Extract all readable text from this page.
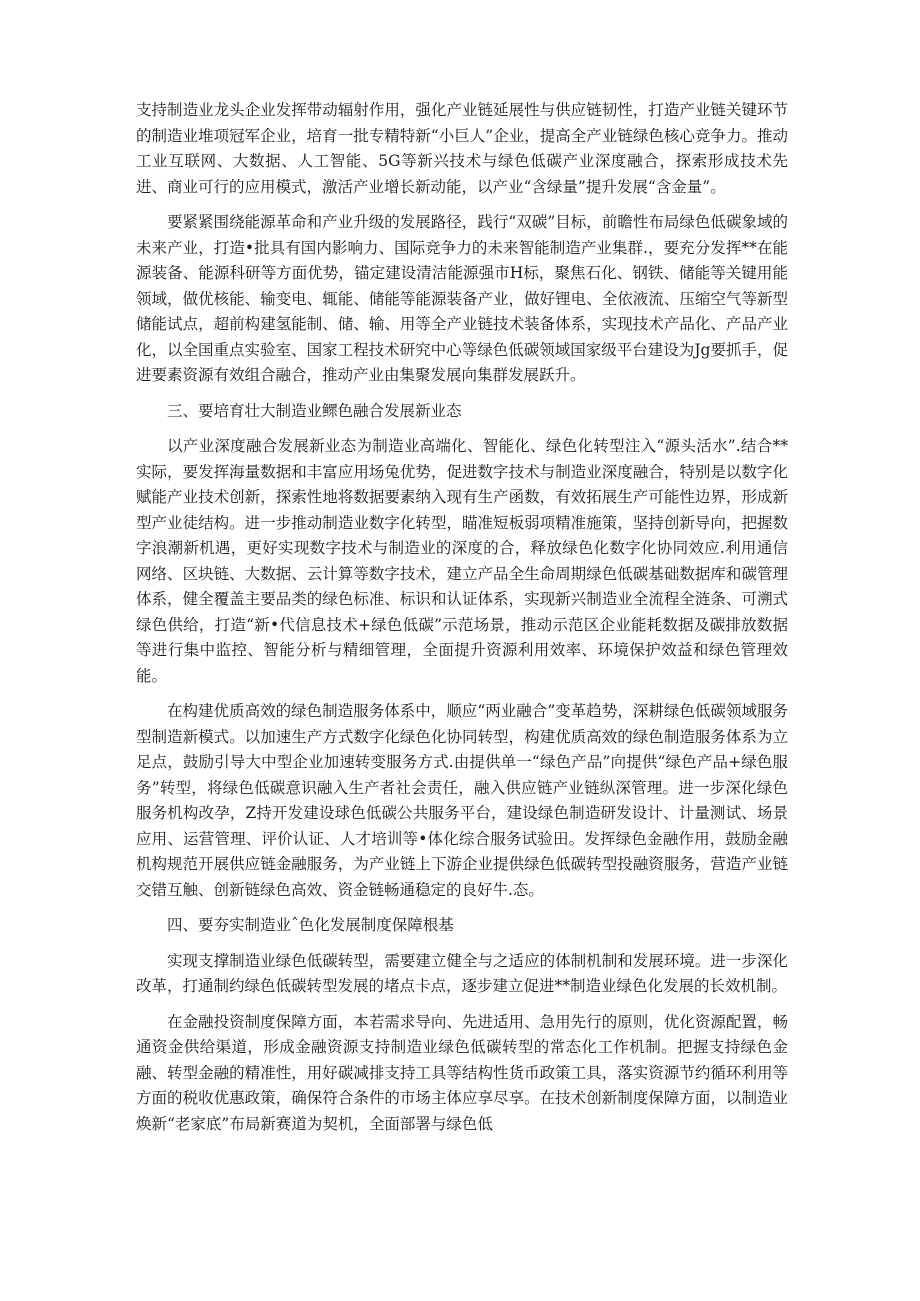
支持制造业龙头企业发挥带动辐射作用，强化产业链延展性与供应链韧性，打造产业链关键环节的制造业堆项冠军企业，培育一批专精特新“小巨人”企业，提高全产业链绿色核心竞争力。推动工业互联网、大数据、人工智能、5G等新兴技术与绿色低碳产业深度融合，探索形成技术先进、商业可行的应用模式，激活产业增长新动能，以产业“含绿量”提升发展“含金量”。

要紧紧围绕能源革命和产业升级的发展路径，践行“双碳”目标，前瞻性布局绿色低碳象域的未来产业，打造•批具有国内影响力、国际竞争力的未来智能制造产业集群.，要充分发挥**在能源装备、能源科研等方面优势，锚定建设清洁能源强市H标，聚焦石化、钢铁、储能等关键用能领域，做优核能、输变电、辄能、储能等能源装备产业，做好锂电、全依液流、压缩空气等新型储能试点，超前构建氢能制、储、输、用等全产业链技术装备体系，实现技术产品化、产品产业化，以全国重点实验室、国家工程技术研究中心等绿色低碳领域国家级平台建设为Jg要抓手，促进要素资源有效组合融合，推动产业由集聚发展向集群发展跃升。

三、要培育壮大制造业鳏色融合发展新业态

以产业深度融合发展新业态为制造业高端化、智能化、绿色化转型注入“源头活水”.结合**实际，要发挥海量数据和丰富应用场兔优势，促进数字技术与制造业深度融合，特别是以数字化赋能产业技术创新，探索性地将数据要素纳入现有生产函数，有效拓展生产可能性边界，形成新型产业徒结构。进一步推动制造业数字化转型，瞄准短板弱项精准施策，坚持创新导向，把握数字浪潮新机遇，更好实现数字技术与制造业的深度的合，释放绿色化数字化协同效应.利用通信网络、区块链、大数据、云计算等数字技术，建立产品全生命周期绿色低碳基础数据库和碳管理体系，健全覆盖主要品类的绿色标准、标识和认证体系，实现新兴制造业全流程全涟条、可溯式绿色供给，打造“新•代信息技术+绿色低碳”示范场景，推动示范区企业能耗数据及碳排放数据等进行集中监控、智能分析与精细管理，全面提升资源利用效率、环境保护效益和绿色管理效能。

在构建优质高效的绿色制造服务体系中，顺应“两业融合”变革趋势，深耕绿色低碳领域服务型制造新模式。以加速生产方式数字化绿色化协同转型，构建优质高效的绿色制造服务体系为立足点，鼓励引导大中型企业加速转变服务方式.由提供单一“绿色产品”向提供“绿色产品+绿色服务”转型，将绿色低碳意识融入生产者社会责任，融入供应链产业链纵深管理。进一步深化绿色服务机构改孕，Z持开发建设球色低碳公共服务平台，建设绿色制造研发设计、计量测试、场景应用、运营管理、评价认证、人才培训等•体化综合服务试验田。发挥绿色金融作用，鼓励金融机构规范开展供应链金融服务，为产业链上下游企业提供绿色低碳转型投融资服务，营造产业链交错互触、创新链绿色高效、资金链畅通稳定的良好牛.态。

四、要夯实制造业ˆ色化发展制度保障根基

实现支撑制造业绿色低碳转型，需要建立健全与之适应的体制机制和发展环境。进一步深化改革，打通制约绿色低碳转型发展的堵点卡点，逐步建立促进**制造业绿色化发展的长效机制。

在金融投资制度保障方面，本若需求导向、先进适用、急用先行的原则，优化资源配置，畅通资金供给渠道，形成金融资源支持制造业绿色低碳转型的常态化工作机制。把握支持绿色金融、转型金融的精准性，用好碳减排支持工具等结构性货币政策工具，落实资源节约循环利用等方面的税收优惠政策，确保符合条件的市场主体应享尽享。在技术创新制度保障方面，以制造业焕新“老家底”布局新赛道为契机，全面部署与绿色低
